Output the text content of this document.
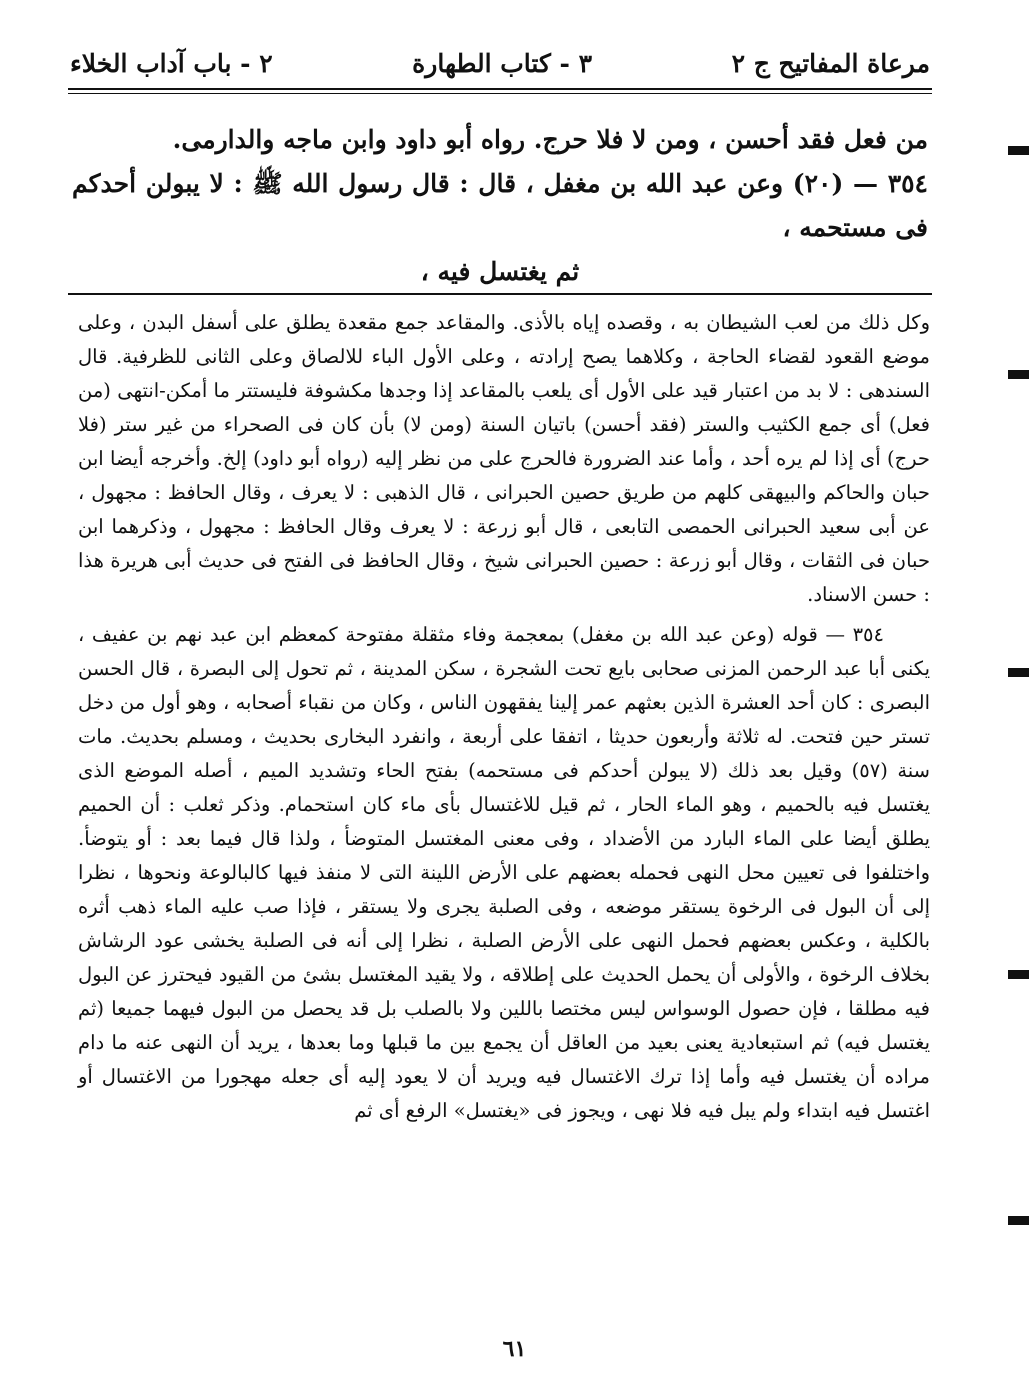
مرعاة المفاتيح ج ٢
٣ - كتاب الطهارة
٢ - باب آداب الخلاء

من فعل فقد أحسن ، ومن لا فلا حرج. رواه أبو داود وابن ماجه والدارمى.

٣٥٤ — (٢٠) وعن عبد الله بن مغفل ، قال : قال رسول الله ﷺ : لا يبولن أحدكم فى مستحمه ،

ثم يغتسل فيه ،

وكل ذلك من لعب الشيطان به ، وقصده إياه بالأذى. والمقاعد جمع مقعدة يطلق على أسفل البدن ، وعلى موضع القعود لقضاء الحاجة ، وكلاهما يصح إرادته ، وعلى الأول الباء للالصاق وعلى الثانى للظرفية. قال السندهى : لا بد من اعتبار قيد على الأول أى يلعب بالمقاعد إذا وجدها مكشوفة فليستتر ما أمكن-انتهى (من فعل) أى جمع الكثيب والستر (فقد أحسن) باتيان السنة (ومن لا) بأن كان فى الصحراء من غير ستر (فلا حرج) أى إذا لم يره أحد ، وأما عند الضرورة فالحرج على من نظر إليه (رواه أبو داود) إلخ. وأخرجه أيضا ابن حبان والحاكم والبيهقى كلهم من طريق حصين الحبرانى ، قال الذهبى : لا يعرف ، وقال الحافظ : مجهول ، عن أبى سعيد الحبرانى الحمصى التابعى ، قال أبو زرعة : لا يعرف وقال الحافظ : مجهول ، وذكرهما ابن حبان فى الثقات ، وقال أبو زرعة : حصين الحبرانى شيخ ، وقال الحافظ فى الفتح فى حديث أبى هريرة هذا : حسن الاسناد.

٣٥٤ — قوله (وعن عبد الله بن مغفل) بمعجمة وفاء مثقلة مفتوحة كمعظم ابن عبد نهم بن عفيف ، يكنى أبا عبد الرحمن المزنى صحابى بايع تحت الشجرة ، سكن المدينة ، ثم تحول إلى البصرة ، قال الحسن البصرى : كان أحد العشرة الذين بعثهم عمر إلينا يفقهون الناس ، وكان من نقباء أصحابه ، وهو أول من دخل تستر حين فتحت. له ثلاثة وأربعون حديثا ، اتفقا على أربعة ، وانفرد البخارى بحديث ، ومسلم بحديث. مات سنة (٥٧) وقيل بعد ذلك (لا يبولن أحدكم فى مستحمه) بفتح الحاء وتشديد الميم ، أصله الموضع الذى يغتسل فيه بالحميم ، وهو الماء الحار ، ثم قيل للاغتسال بأى ماء كان استحمام. وذكر ثعلب : أن الحميم يطلق أيضا على الماء البارد من الأضداد ، وفى معنى المغتسل المتوضأ ، ولذا قال فيما بعد : أو يتوضأ. واختلفوا فى تعيين محل النهى فحمله بعضهم على الأرض اللينة التى لا منفذ فيها كالبالوعة ونحوها ، نظرا إلى أن البول فى الرخوة يستقر موضعه ، وفى الصلبة يجرى ولا يستقر ، فإذا صب عليه الماء ذهب أثره بالكلية ، وعكس بعضهم فحمل النهى على الأرض الصلبة ، نظرا إلى أنه فى الصلبة يخشى عود الرشاش بخلاف الرخوة ، والأولى أن يحمل الحديث على إطلاقه ، ولا يقيد المغتسل بشئ من القيود فيحترز عن البول فيه مطلقا ، فإن حصول الوسواس ليس مختصا باللين ولا بالصلب بل قد يحصل من البول فيهما جميعا (ثم يغتسل فيه) ثم استبعادية يعنى بعيد من العاقل أن يجمع بين ما قبلها وما بعدها ، يريد أن النهى عنه ما دام مراده أن يغتسل فيه وأما إذا ترك الاغتسال فيه ويريد أن لا يعود إليه أى جعله مهجورا من الاغتسال أو اغتسل فيه ابتداء ولم يبل فيه فلا نهى ، ويجوز فى «يغتسل» الرفع أى ثم

٦١
